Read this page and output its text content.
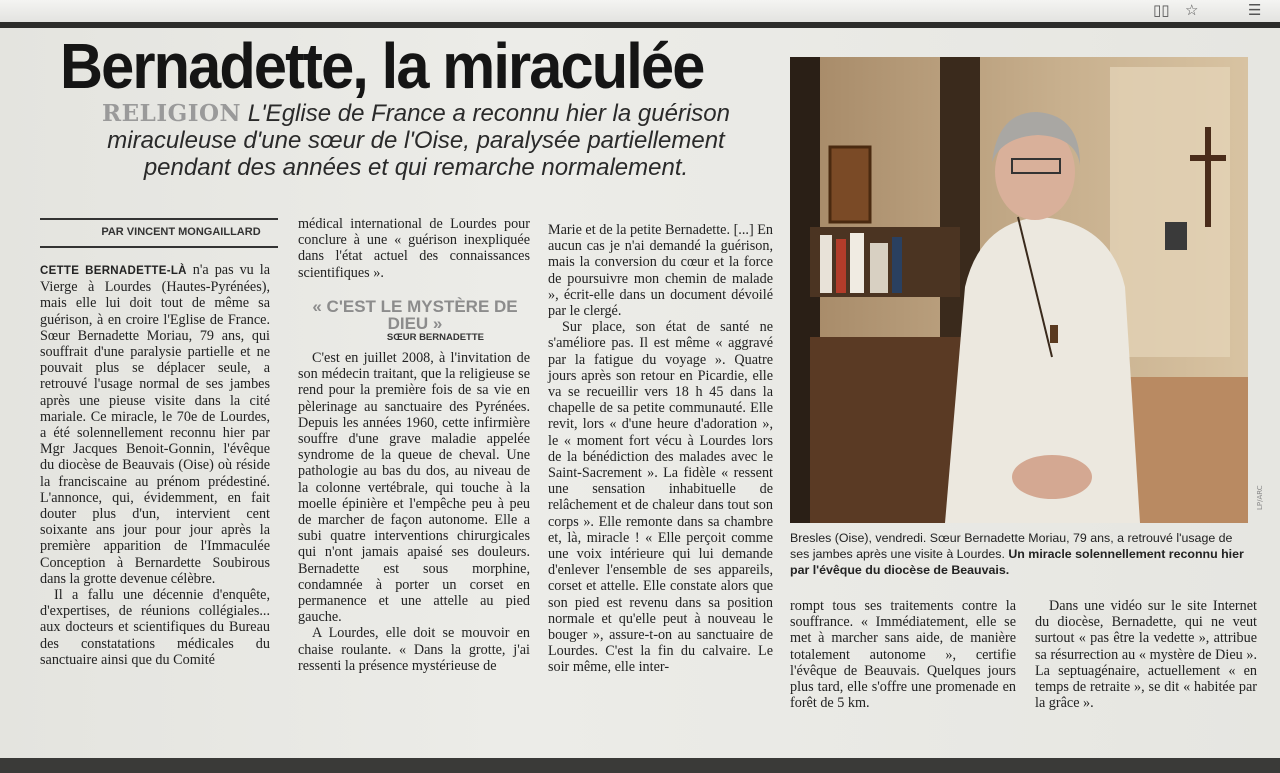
▯▯ ☆	☰
Bernadette, la miraculée
RELIGION L'Eglise de France a reconnu hier la guérison miraculeuse d'une sœur de l'Oise, paralysée partiellement pendant des années et qui remarche normalement.
PAR VINCENT MONGAILLARD

CETTE BERNADETTE-LÀ n'a pas vu la Vierge à Lourdes (Hautes-Pyrénées), mais elle lui doit tout de même sa guérison, à en croire l'Eglise de France. Sœur Bernadette Moriau, 79 ans, qui souffrait d'une paralysie partielle et ne pouvait plus se déplacer seule, a retrouvé l'usage normal de ses jambes après une pieuse visite dans la cité mariale. Ce miracle, le 70e de Lourdes, a été solennellement reconnu hier par Mgr Jacques Benoit-Gonnin, l'évêque du diocèse de Beauvais (Oise) où réside la franciscaine au prénom prédestiné. L'annonce, qui, évidemment, en fait douter plus d'un, intervient cent soixante ans jour pour jour après la première apparition de l'Immaculée Conception à Bernardette Soubirous dans la grotte devenue célèbre.

Il a fallu une décennie d'enquête, d'expertises, de réunions collégiales... aux docteurs et scientifiques du Bureau des constatations médicales du sanctuaire ainsi que du Comité

médical international de Lourdes pour conclure à une « guérison inexpliquée dans l'état actuel des connaissances scientifiques ».

« C'EST LE MYSTÈRE DE DIEU »
SŒUR BERNADETTE

C'est en juillet 2008, à l'invitation de son médecin traitant, que la religieuse se rend pour la première fois de sa vie en pèlerinage au sanctuaire des Pyrénées. Depuis les années 1960, cette infirmière souffre d'une grave maladie appelée syndrome de la queue de cheval. Une pathologie au bas du dos, au niveau de la colonne vertébrale, qui touche à la moelle épinière et l'empêche peu à peu de marcher de façon autonome. Elle a subi quatre interventions chirurgicales qui n'ont jamais apaisé ses douleurs. Bernadette est sous morphine, condamnée à porter un corset en permanence et une attelle au pied gauche.

A Lourdes, elle doit se mouvoir en chaise roulante. « Dans la grotte, j'ai ressenti la présence mystérieuse de

Marie et de la petite Bernadette. [...] En aucun cas je n'ai demandé la guérison, mais la conversion du cœur et la force de poursuivre mon chemin de malade », écrit-elle dans un document dévoilé par le clergé.

Sur place, son état de santé ne s'améliore pas. Il est même « aggravé par la fatigue du voyage ». Quatre jours après son retour en Picardie, elle va se recueillir vers 18 h 45 dans la chapelle de sa petite communauté. Elle revit, lors « d'une heure d'adoration », le « moment fort vécu à Lourdes lors de la bénédiction des malades avec le Saint-Sacrement ». La fidèle « ressent une sensation inhabituelle de relâchement et de chaleur dans tout son corps ». Elle remonte dans sa chambre et, là, miracle ! « Elle perçoit comme une voix intérieure qui lui demande d'enlever l'ensemble de ses appareils, corset et attelle. Elle constate alors que son pied est revenu dans sa position normale et qu'elle peut à nouveau le bouger », assure-t-on au sanctuaire de Lourdes. C'est la fin du calvaire. Le soir même, elle inter-

LP/ARC
Bresles (Oise), vendredi. Sœur Bernadette Moriau, 79 ans, a retrouvé l'usage de ses jambes après une visite à Lourdes. Un miracle solennellement reconnu hier par l'évêque du diocèse de Beauvais.

rompt tous ses traitements contre la souffrance. « Immédiatement, elle se met à marcher sans aide, de manière totalement autonome », certifie l'évêque de Beauvais. Quelques jours plus tard, elle s'offre une promenade en forêt de 5 km.

Dans une vidéo sur le site Internet du diocèse, Bernadette, qui ne veut surtout « pas être la vedette », attribue sa résurrection au « mystère de Dieu ». La septuagénaire, actuellement « en temps de retraite », se dit « habitée par la grâce ».
